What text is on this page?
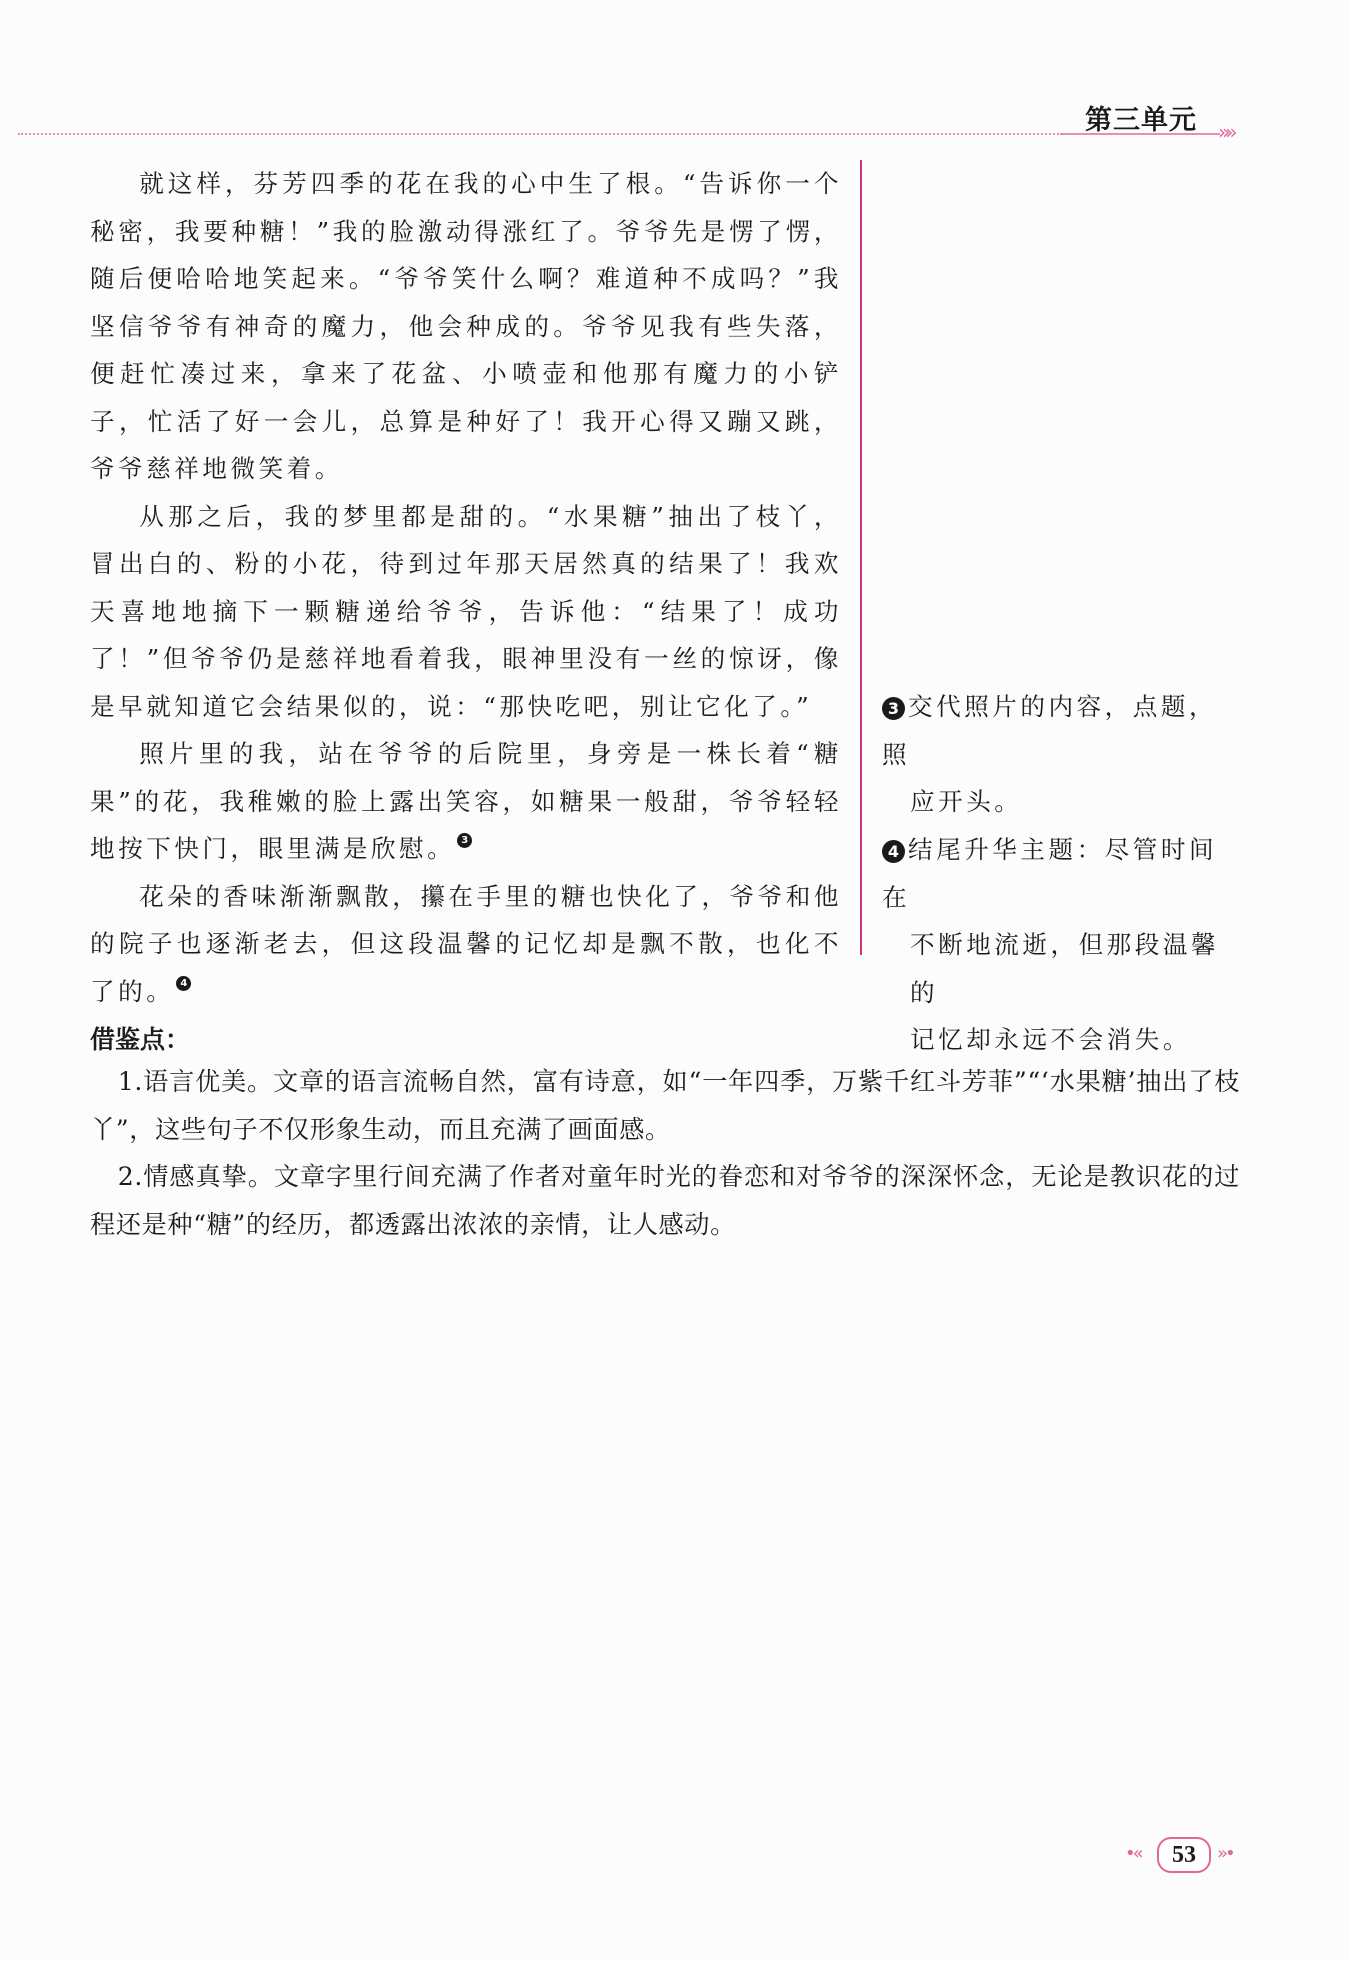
第三单元 »»

就这样，芬芳四季的花在我的心中生了根。“告诉你一个秘密，我要种糖！”我的脸激动得涨红了。爷爷先是愣了愣，随后便哈哈地笑起来。“爷爷笑什么啊？难道种不成吗？”我坚信爷爷有神奇的魔力，他会种成的。爷爷见我有些失落，便赶忙凑过来，拿来了花盆、小喷壶和他那有魔力的小铲子，忙活了好一会儿，总算是种好了！我开心得又蹦又跳，爷爷慈祥地微笑着。

从那之后，我的梦里都是甜的。“水果糖”抽出了枝丫，冒出白的、粉的小花，待到过年那天居然真的结果了！我欢天喜地地摘下一颗糖递给爷爷，告诉他：“结果了！成功了！”但爷爷仍是慈祥地看着我，眼神里没有一丝的惊讶，像是早就知道它会结果似的，说：“那快吃吧，别让它化了。”

照片里的我，站在爷爷的后院里，身旁是一株长着“糖果”的花，我稚嫩的脸上露出笑容，如糖果一般甜，爷爷轻轻地按下快门，眼里满是欣慰。 $^3$

花朵的香味渐渐飘散，攥在手里的糖也快化了，爷爷和他的院子也逐渐老去，但这段温馨的记忆却是飘不散，也化不了的。 $^4$

3 交代照片的内容，点题，照
应开头。
4 结尾升华主题：尽管时间在
不断地流逝，但那段温馨的
记忆却永远不会消失。
借鉴点：

1.语言优美。文章的语言流畅自然，富有诗意，如“一年四季，万紫千红斗芳菲”“‘水果糖’抽出了枝丫”，这些句子不仅形象生动，而且充满了画面感。

2.情感真挚。文章字里行间充满了作者对童年时光的眷恋和对爷爷的深深怀念，无论是教识花的过程还是种“糖”的经历，都透露出浓浓的亲情，让人感动。

•«	53	»•
